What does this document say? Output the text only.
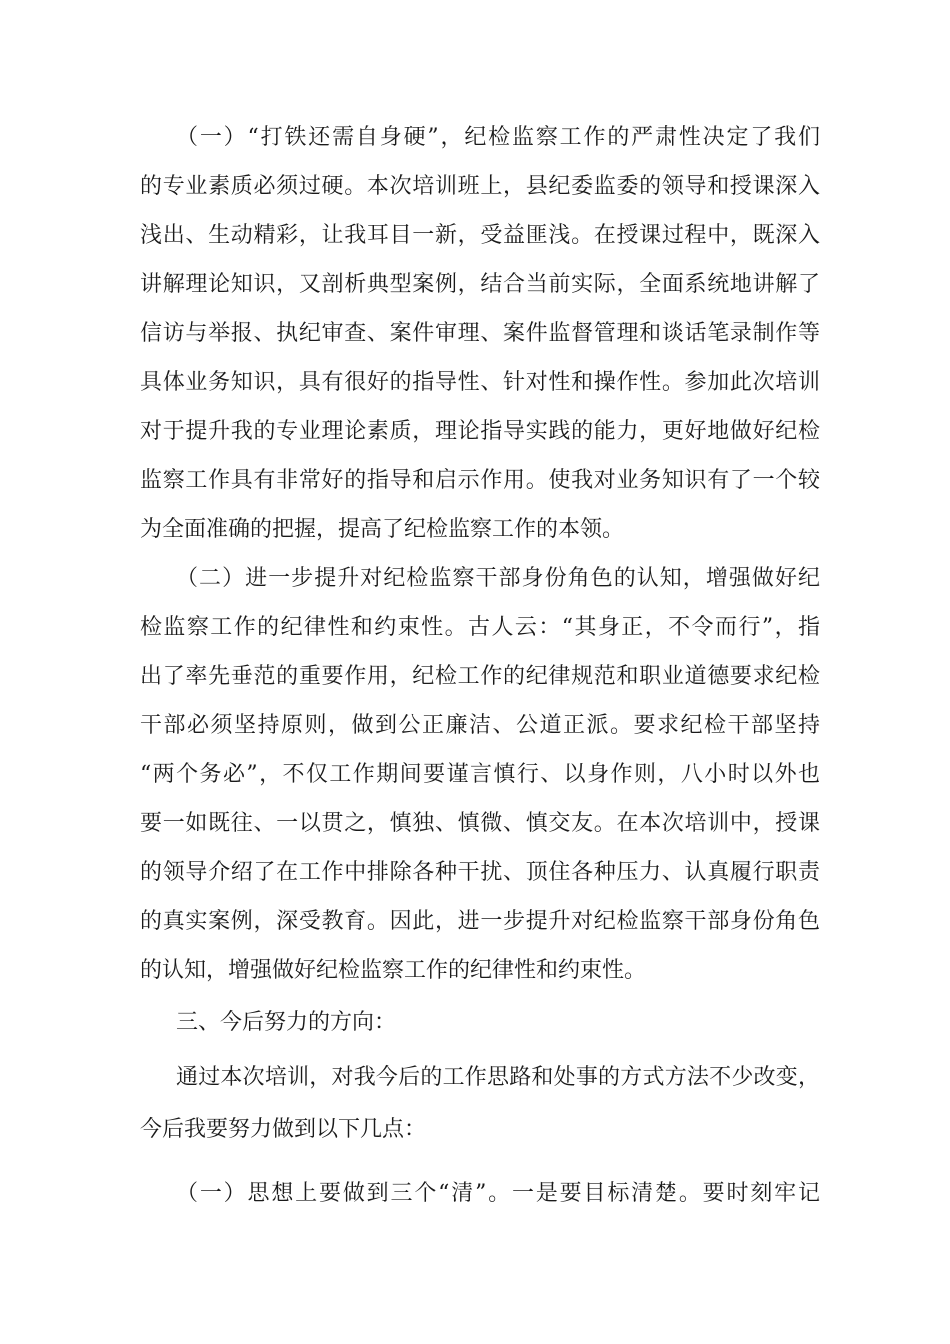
（一）“打铁还需自身硬”，纪检监察工作的严肃性决定了我们
的专业素质必须过硬。本次培训班上，县纪委监委的领导和授课深入
浅出、生动精彩，让我耳目一新，受益匪浅。在授课过程中，既深入
讲解理论知识，又剖析典型案例，结合当前实际，全面系统地讲解了
信访与举报、执纪审查、案件审理、案件监督管理和谈话笔录制作等
具体业务知识，具有很好的指导性、针对性和操作性。参加此次培训
对于提升我的专业理论素质，理论指导实践的能力，更好地做好纪检
监察工作具有非常好的指导和启示作用。使我对业务知识有了一个较
为全面准确的把握，提高了纪检监察工作的本领。
（二）进一步提升对纪检监察干部身份角色的认知，增强做好纪
检监察工作的纪律性和约束性。古人云：“其身正，不令而行”，指
出了率先垂范的重要作用，纪检工作的纪律规范和职业道德要求纪检
干部必须坚持原则，做到公正廉洁、公道正派。要求纪检干部坚持
“两个务必”，不仅工作期间要谨言慎行、以身作则，八小时以外也
要一如既往、一以贯之，慎独、慎微、慎交友。在本次培训中，授课
的领导介绍了在工作中排除各种干扰、顶住各种压力、认真履行职责
的真实案例，深受教育。因此，进一步提升对纪检监察干部身份角色
的认知，增强做好纪检监察工作的纪律性和约束性。
三、今后努力的方向：
通过本次培训，对我今后的工作思路和处事的方式方法不少改变，
今后我要努力做到以下几点：
（一）思想上要做到三个“清”。一是要目标清楚。要时刻牢记
